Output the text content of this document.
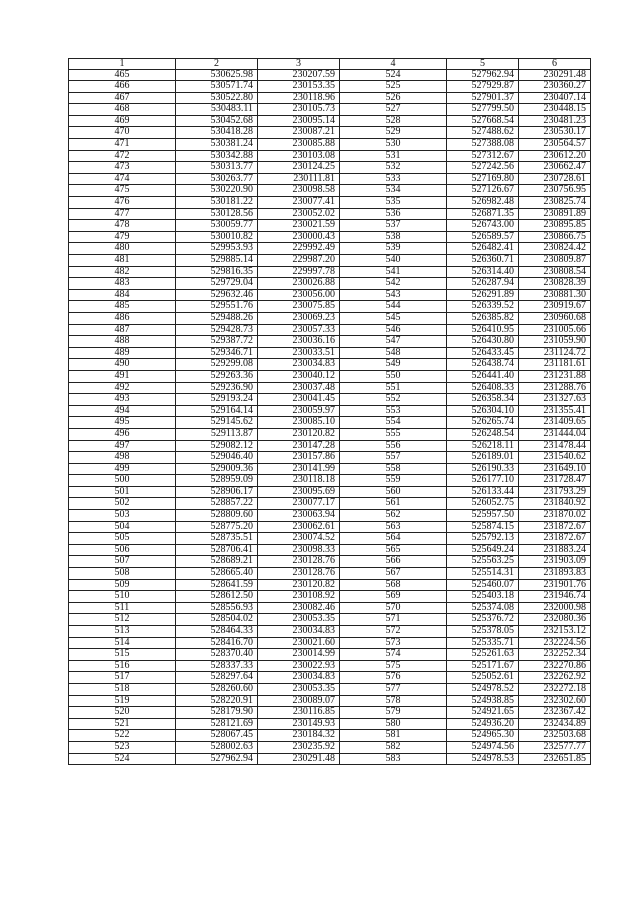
1	2	3	4	5	6
465	530625.98	230207.59	524	527962.94	230291.48
466	530571.74	230153.35	525	527929.87	230360.27
467	530522.80	230118.96	526	527901.37	230407.14
468	530483.11	230105.73	527	527799.50	230448.15
469	530452.68	230095.14	528	527668.54	230481.23
470	530418.28	230087.21	529	527488.62	230530.17
471	530381.24	230085.88	530	527388.08	230564.57
472	530342.88	230103.08	531	527312.67	230612.20
473	530313.77	230124.25	532	527242.56	230662.47
474	530263.77	230111.81	533	527169.80	230728.61
475	530220.90	230098.58	534	527126.67	230756.95
476	530181.22	230077.41	535	526982.48	230825.74
477	530128.56	230052.02	536	526871.35	230891.89
478	530059.77	230021.59	537	526743.00	230895.85
479	530010.82	230000.43	538	526589.57	230866.75
480	529953.93	229992.49	539	526482.41	230824.42
481	529885.14	229987.20	540	526360.71	230809.87
482	529816.35	229997.78	541	526314.40	230808.54
483	529729.04	230026.88	542	526287.94	230828.39
484	529632.46	230056.00	543	526291.89	230881.30
485	529551.76	230075.85	544	526339.52	230919.67
486	529488.26	230069.23	545	526385.82	230960.68
487	529428.73	230057.33	546	526410.95	231005.66
488	529387.72	230036.16	547	526430.80	231059.90
489	529346.71	230033.51	548	526433.45	231124.72
490	529299.08	230034.83	549	526438.74	231181.61
491	529263.36	230040.12	550	526441.40	231231.88
492	529236.90	230037.48	551	526408.33	231288.76
493	529193.24	230041.45	552	526358.34	231327.63
494	529164.14	230059.97	553	526304.10	231355.41
495	529145.62	230085.10	554	526265.74	231409.65
496	529113.87	230120.82	555	526248.54	231444.04
497	529082.12	230147.28	556	526218.11	231478.44
498	529046.40	230157.86	557	526189.01	231540.62
499	529009.36	230141.99	558	526190.33	231649.10
500	528959.09	230118.18	559	526177.10	231728.47
501	528906.17	230095.69	560	526133.44	231793.29
502	528857.22	230077.17	561	526052.75	231840.92
503	528809.60	230063.94	562	525957.50	231870.02
504	528775.20	230062.61	563	525874.15	231872.67
505	528735.51	230074.52	564	525792.13	231872.67
506	528706.41	230098.33	565	525649.24	231883.24
507	528689.21	230128.76	566	525563.25	231903.09
508	528665.40	230128.76	567	525514.31	231893.83
509	528641.59	230120.82	568	525460.07	231901.76
510	528612.50	230108.92	569	525403.18	231946.74
511	528556.93	230082.46	570	525374.08	232000.98
512	528504.02	230053.35	571	525376.72	232080.36
513	528464.33	230034.83	572	525378.05	232153.12
514	528416.70	230021.60	573	525335.71	232224.56
515	528370.40	230014.99	574	525261.63	232252.34
516	528337.33	230022.93	575	525171.67	232270.86
517	528297.64	230034.83	576	525052.61	232262.92
518	528260.60	230053.35	577	524978.52	232272.18
519	528220.91	230089.07	578	524938.85	232302.60
520	528179.90	230116.85	579	524921.65	232367.42
521	528121.69	230149.93	580	524936.20	232434.89
522	528067.45	230184.32	581	524965.30	232503.68
523	528002.63	230235.92	582	524974.56	232577.77
524	527962.94	230291.48	583	524978.53	232651.85
